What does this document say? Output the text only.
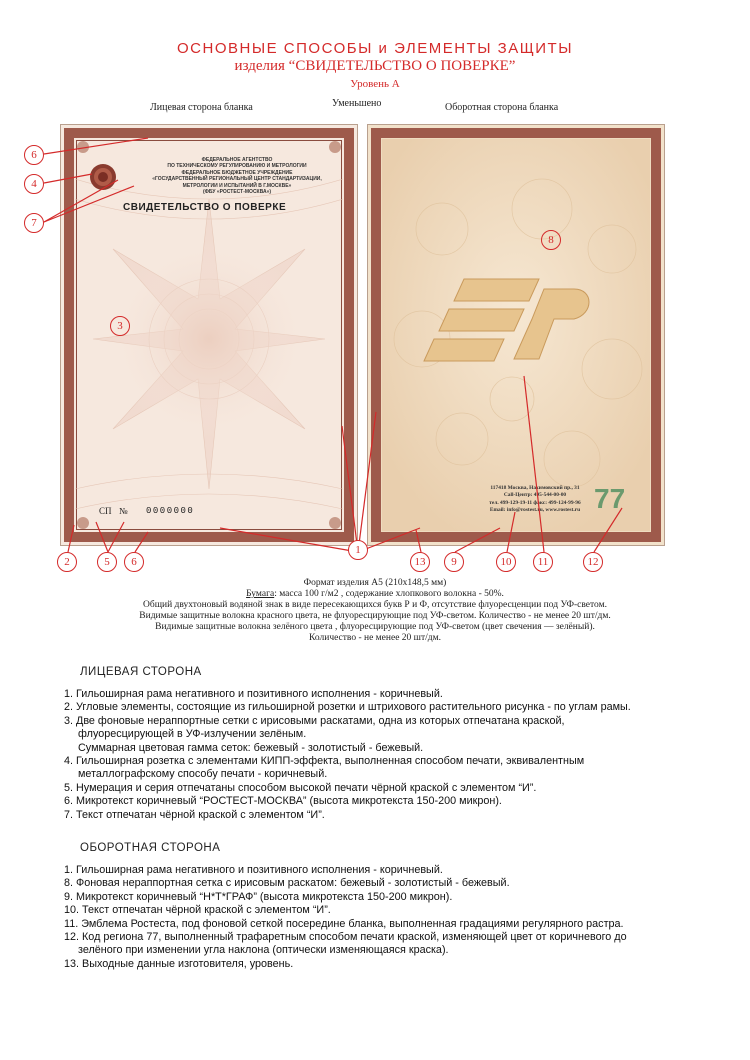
ОСНОВНЫЕ СПОСОБЫ и ЭЛЕМЕНТЫ ЗАЩИТЫ
изделия “СВИДЕТЕЛЬСТВО О ПОВЕРКЕ”
Уровень А
Лицевая сторона бланка	Уменьшено	Оборотная сторона бланка
ФЕДЕРАЛЬНОЕ АГЕНТСТВО
ПО ТЕХНИЧЕСКОМУ РЕГУЛИРОВАНИЮ И МЕТРОЛОГИИ
ФЕДЕРАЛЬНОЕ БЮДЖЕТНОЕ УЧРЕЖДЕНИЕ
«ГОСУДАРСТВЕННЫЙ РЕГИОНАЛЬНЫЙ ЦЕНТР СТАНДАРТИЗАЦИИ,
МЕТРОЛОГИИ И ИСПЫТАНИЙ В Г.МОСКВЕ»
(ФБУ «РОСТЕСТ-МОСКВА»)
СВИДЕТЕЛЬСТВО О ПОВЕРКЕ
СП № 0000000
117418 Москва, Нахимовский пр., 31
Call-Центр: 495-544-00-00
тел. 499-129-19-11 факс: 499-124-99-96
Email: info@rostest.ru, www.rostest.ru 77
6
4
7
3
8
2	5	6
1
13	9	10	11	12
Формат изделия А5 (210х148,5 мм)
Бумага: масса 100 г/м2 , содержание хлопкового волокна - 50%.
Общий двухтоновый водяной знак в виде пересекающихся букв Р и Ф, отсутствие флуоресценции под УФ-светом.
Видимые защитные волокна красного цвета, не флуоресцирующие под УФ-светом. Количество - не менее 20 шт/дм.
Видимые защитные волокна зелёного цвета , флуоресцирующие под УФ-светом (цвет свечения — зелёный).
Количество - не менее 20 шт/дм.
ЛИЦЕВАЯ СТОРОНА
1. Гильоширная рама негативного и позитивного исполнения - коричневый.
2. Угловые элементы, состоящие из гильоширной розетки и штрихового растительного рисунка - по углам рамы.
3. Две фоновые нераппортные сетки с ирисовыми раскатами, одна из которых отпечатана краской,
флуоресцирующей в УФ-излучении зелёным.
Суммарная цветовая гамма сеток: бежевый - золотистый - бежевый.
4. Гильоширная розетка с элементами КИПП-эффекта, выполненная способом печати, эквивалентным
металлографскому способу печати - коричневый.
5. Нумерация и серия отпечатаны способом высокой печати чёрной краской с элементом “И”.
6. Микротекст коричневый “РОСТЕСТ-МОСКВА” (высота микротекста 150-200 микрон).
7. Текст отпечатан чёрной краской с элементом “И”.
ОБОРОТНАЯ СТОРОНА
1. Гильоширная рама негативного и позитивного исполнения - коричневый.
8. Фоновая нераппортная сетка с ирисовым раскатом: бежевый - золотистый - бежевый.
9. Микротекст коричневый “Н*Т*ГРАФ” (высота микротекста 150-200 микрон).
10. Текст отпечатан чёрной краской с элементом “И”.
11. Эмблема Ростеста, под фоновой сеткой посередине бланка, выполненная градациями регулярного растра.
12. Код региона 77, выполненный трафаретным способом печати краской, изменяющей цвет от коричневого до
зелёного при изменении угла наклона (оптически изменяющаяся краска).
13. Выходные данные изготовителя, уровень.
